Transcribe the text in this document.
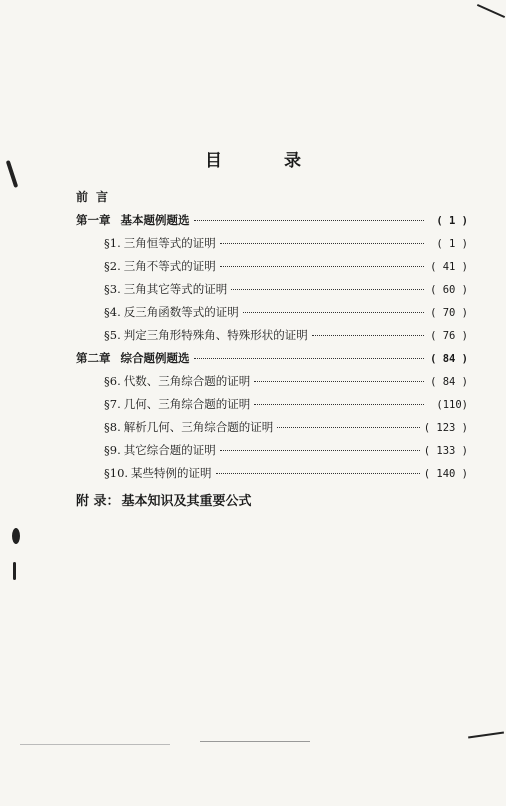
目 录
前言
第一章 基本题例题选	( 1 )
§1. 三角恒等式的证明	( 1 )
§2. 三角不等式的证明	( 41 )
§3. 三角其它等式的证明	( 60 )
§4. 反三角函数等式的证明	( 70 )
§5. 判定三角形特殊角、特殊形状的证明	( 76 )
第二章 综合题例题选	( 84 )
§6. 代数、三角综合题的证明	( 84 )
§7. 几何、三角综合题的证明	(110)
§8. 解析几何、三角综合题的证明	( 123 )
§9. 其它综合题的证明	( 133 )
§10. 某些特例的证明	( 140 )
附 录： 基本知识及其重要公式
